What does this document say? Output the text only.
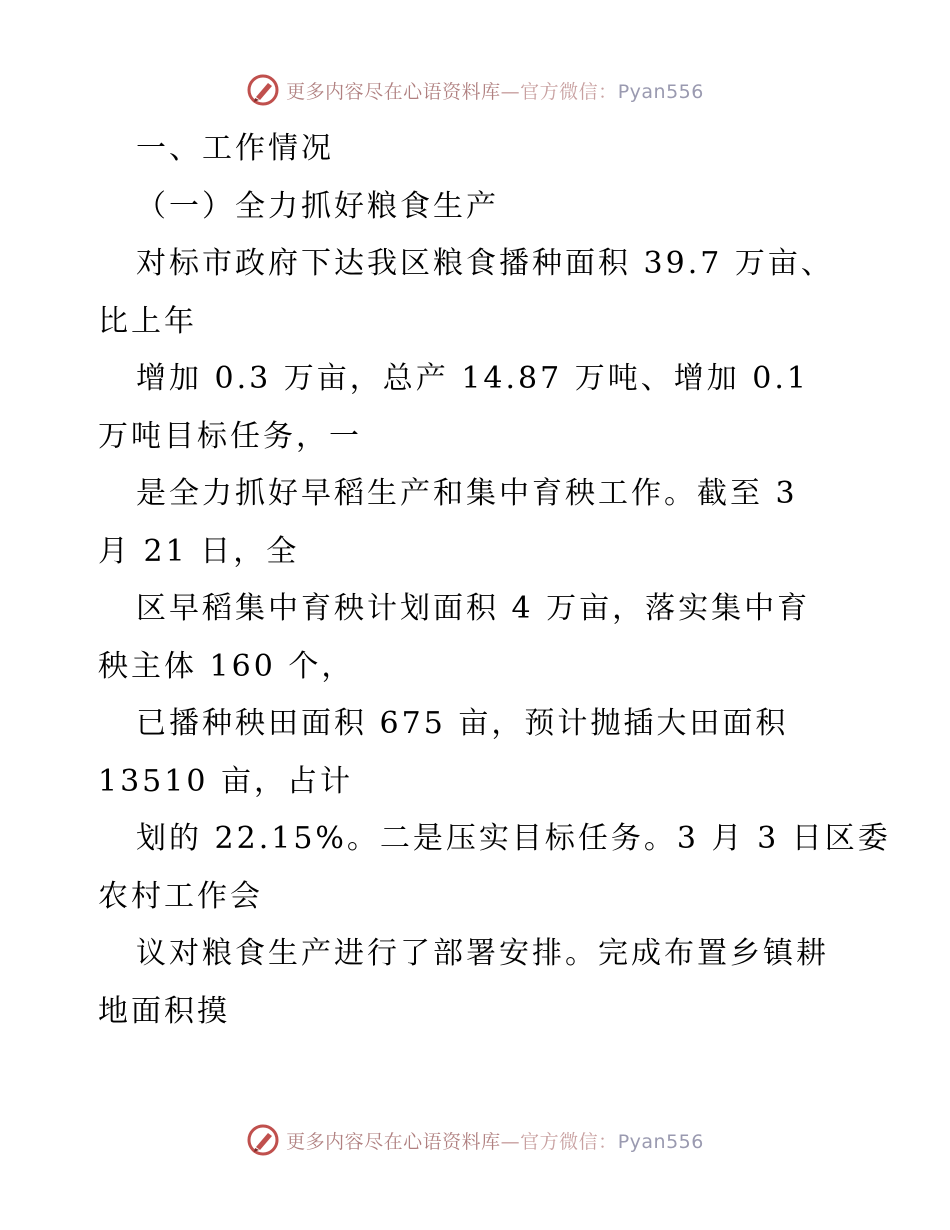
更多内容尽在心语资料库—官方微信：Pyan556
一、工作情况
（一）全力抓好粮食生产
对标市政府下达我区粮食播种面积 39.7 万亩、
比上年
增加 0.3 万亩，总产 14.87 万吨、增加 0.1
万吨目标任务，一
是全力抓好早稻生产和集中育秧工作。截至 3
月 21 日，全
区早稻集中育秧计划面积 4 万亩，落实集中育
秧主体 160 个，
已播种秧田面积 675 亩，预计抛插大田面积
13510 亩，占计
划的 22.15%。二是压实目标任务。3 月 3 日区委
农村工作会
议对粮食生产进行了部署安排。完成布置乡镇耕
地面积摸
更多内容尽在心语资料库—官方微信：Pyan556
